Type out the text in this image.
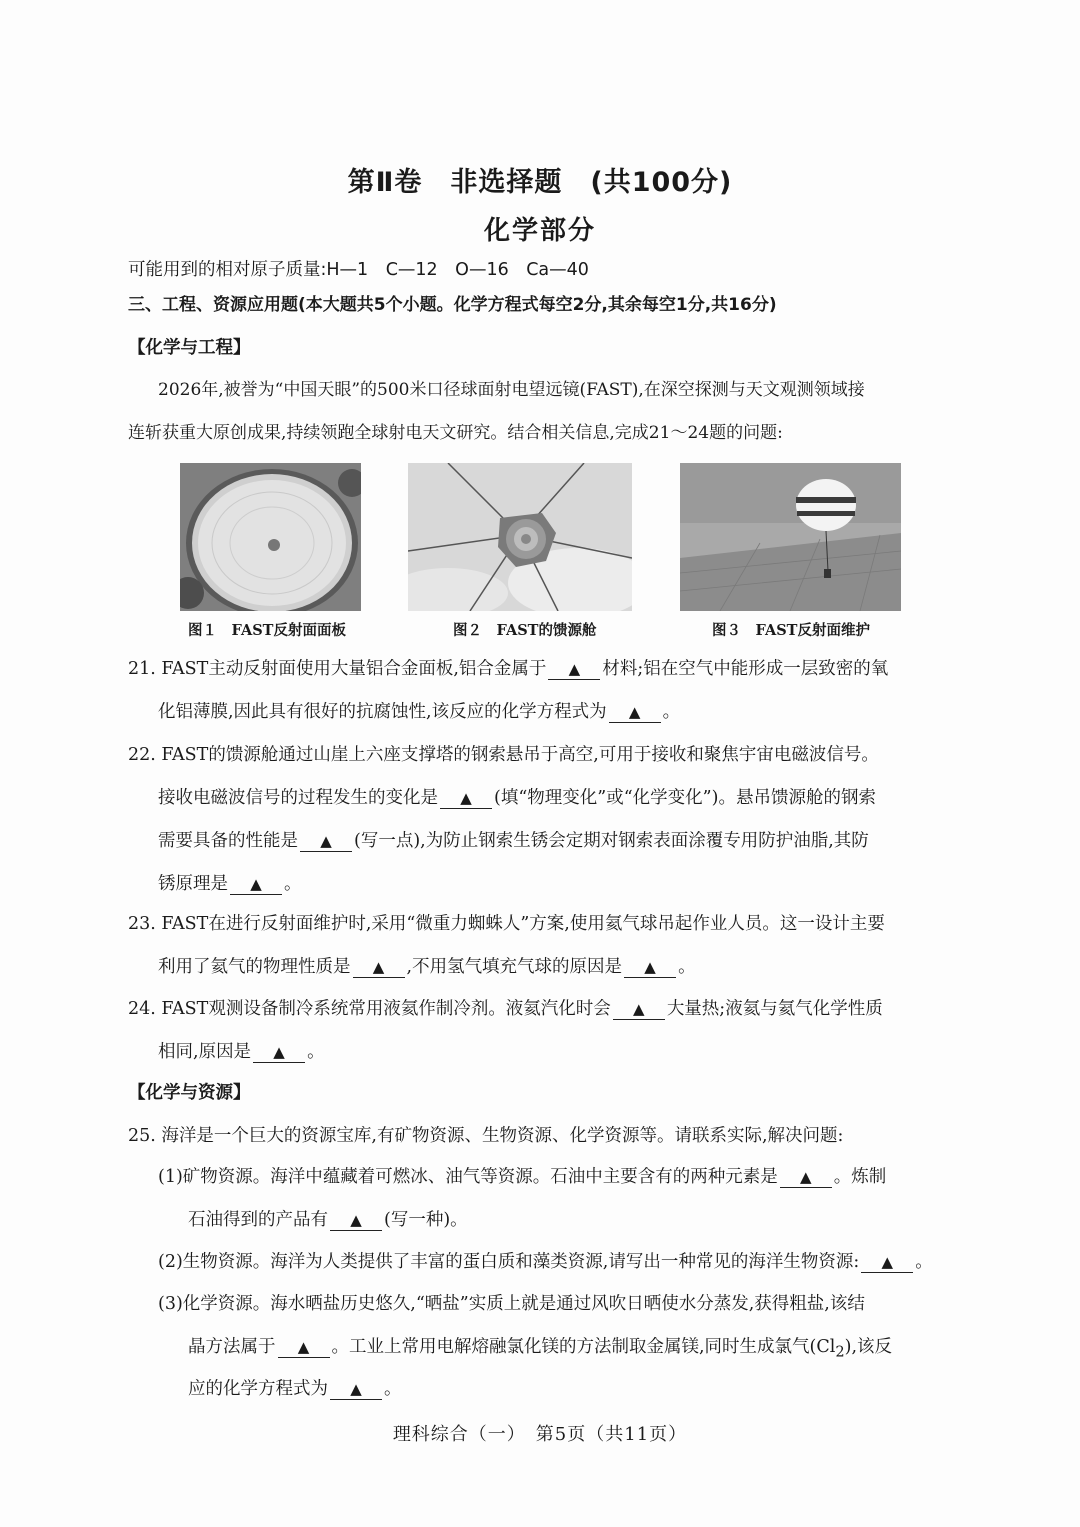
第Ⅱ卷　非选择题　(共100分)
化学部分
可能用到的相对原子质量:H—1　C—12　O—16　Ca—40
三、工程、资源应用题(本大题共5个小题。化学方程式每空2分,其余每空1分,共16分)
【化学与工程】
2026年,被誉为“中国天眼”的500米口径球面射电望远镜(FAST),在深空探测与天文观测领域接
连斩获重大原创成果,持续领跑全球射电天文研究。结合相关信息,完成21～24题的问题:
图１　FAST反射面面板	图２　FAST的馈源舱	图３　FAST反射面维护
21. FAST主动反射面使用大量铝合金面板,铝合金属于 ▲ 材料;铝在空气中能形成一层致密的氧
化铝薄膜,因此具有很好的抗腐蚀性,该反应的化学方程式为 ▲ 。
22. FAST的馈源舱通过山崖上六座支撑塔的钢索悬吊于高空,可用于接收和聚焦宇宙电磁波信号。
接收电磁波信号的过程发生的变化是 ▲ (填“物理变化”或“化学变化”)。悬吊馈源舱的钢索
需要具备的性能是 ▲ (写一点),为防止钢索生锈会定期对钢索表面涂覆专用防护油脂,其防
锈原理是 ▲ 。
23. FAST在进行反射面维护时,采用“微重力蜘蛛人”方案,使用氦气球吊起作业人员。这一设计主要
利用了氦气的物理性质是 ▲ ,不用氢气填充气球的原因是 ▲ 。
24. FAST观测设备制冷系统常用液氦作制冷剂。液氦汽化时会 ▲ 大量热;液氦与氦气化学性质
相同,原因是 ▲ 。
【化学与资源】
25. 海洋是一个巨大的资源宝库,有矿物资源、生物资源、化学资源等。请联系实际,解决问题:
(1)矿物资源。海洋中蕴藏着可燃冰、油气等资源。石油中主要含有的两种元素是 ▲ 。炼制
石油得到的产品有 ▲ (写一种)。
(2)生物资源。海洋为人类提供了丰富的蛋白质和藻类资源,请写出一种常见的海洋生物资源: ▲ 。
(3)化学资源。海水晒盐历史悠久,“晒盐”实质上就是通过风吹日晒使水分蒸发,获得粗盐,该结
晶方法属于 ▲ 。工业上常用电解熔融氯化镁的方法制取金属镁,同时生成氯气$(Cl_2)$,该反
应的化学方程式为 ▲ 。
理科综合（一）　第5页（共11页）
